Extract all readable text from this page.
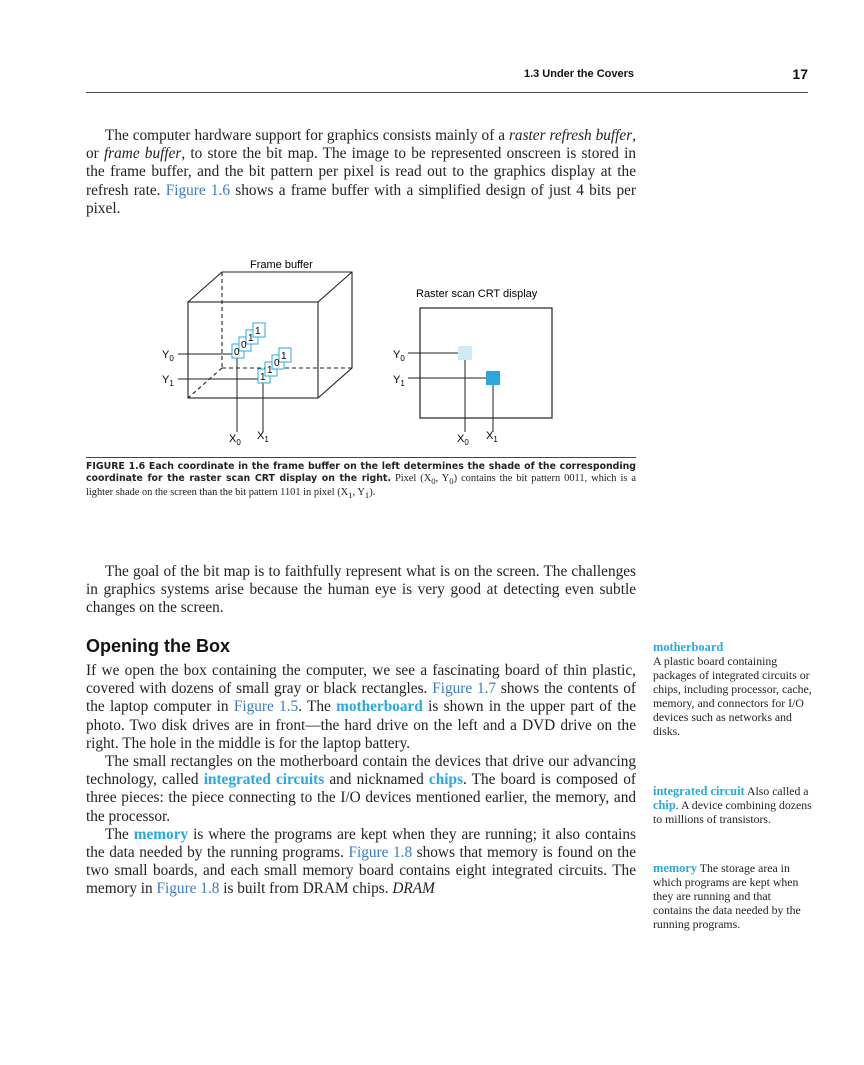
1.3 Under the Covers	17

The computer hardware support for graphics consists mainly of a raster refresh buffer, or frame buffer, to store the bit map. The image to be represented onscreen is stored in the frame buffer, and the bit pattern per pixel is read out to the graphics display at the refresh rate. Figure 1.6 shows a frame buffer with a simplified design of just 4 bits per pixel.

Frame buffer
$Y_0$
$Y_1$
1
1
0
0	1
0
1
1
$X_0$
$X_1$
Raster scan CRT display
$Y_0$
$Y_1$
$X_0$
$X_1$
FIGURE 1.6 Each coordinate in the frame buffer on the left determines the shade of the corresponding coordinate for the raster scan CRT display on the right. Pixel ($X_0$, $Y_0$) contains the bit pattern 0011, which is a lighter shade on the screen than the bit pattern 1101 in pixel ($X_1$, $Y_1$).

The goal of the bit map is to faithfully represent what is on the screen. The challenges in graphics systems arise because the human eye is very good at detecting even subtle changes on the screen.

Opening the Box

If we open the box containing the computer, we see a fascinating board of thin plastic, covered with dozens of small gray or black rectangles. Figure 1.7 shows the contents of the laptop computer in Figure 1.5. The motherboard is shown in the upper part of the photo. Two disk drives are in front—the hard drive on the left and a DVD drive on the right. The hole in the middle is for the laptop battery.

The small rectangles on the motherboard contain the devices that drive our advancing technology, called integrated circuits and nicknamed chips. The board is composed of three pieces: the piece connecting to the I/O devices mentioned earlier, the memory, and the processor.

The memory is where the programs are kept when they are running; it also contains the data needed by the running programs. Figure 1.8 shows that memory is found on the two small boards, and each small memory board contains eight integrated circuits. The memory in Figure 1.8 is built from DRAM chips. DRAM

motherboard
A plastic board containing packages of integrated circuits or chips, including processor, cache, memory, and connectors for I/O devices such as networks and disks.
integrated circuit Also called a chip. A device combining dozens to millions of transistors.
memory The storage area in which programs are kept when they are running and that contains the data needed by the running programs.
